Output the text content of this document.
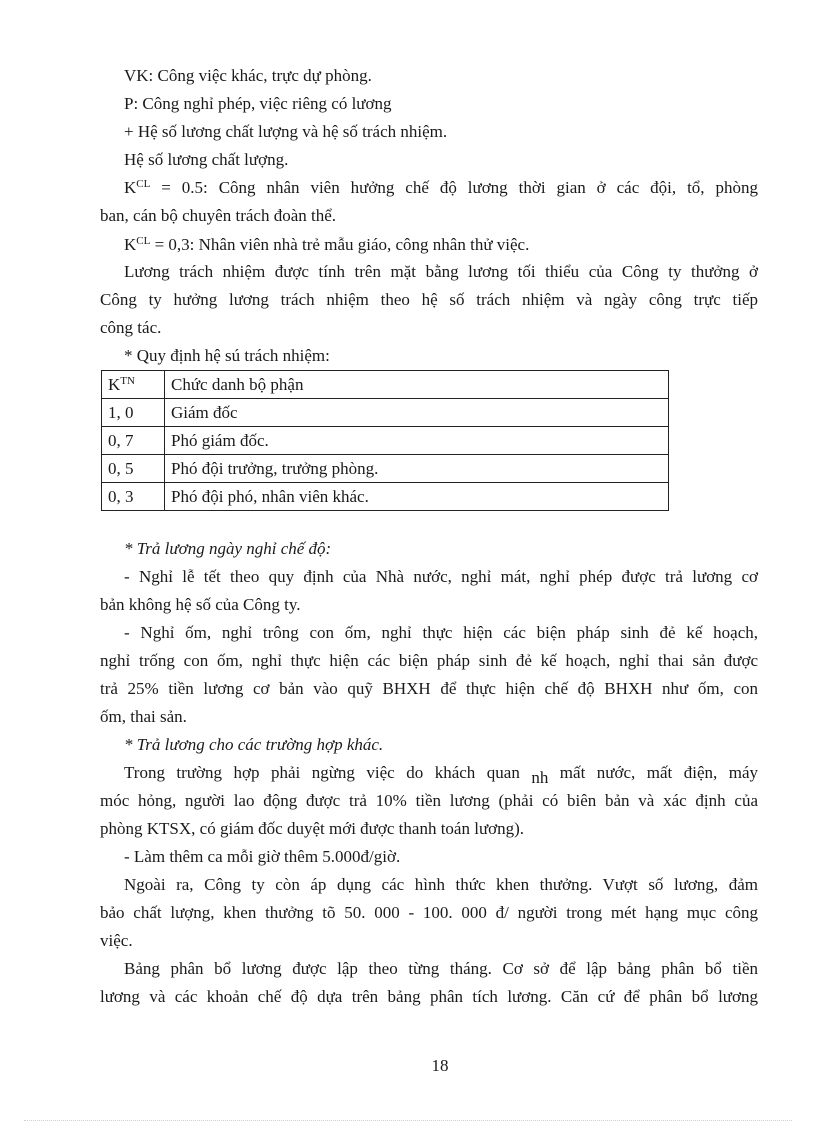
VK: Công việc khác, trực dự phòng.

P: Công nghỉ phép, việc riêng có lương

+ Hệ số lương chất lượng và hệ số trách nhiệm.

Hệ số lương chất lượng.

$K^{CL} = 0.5$: Công nhân viên hưởng chế độ lương thời gian ở các đội, tổ, phòng

ban, cán bộ chuyên trách đoàn thể.

$K^{CL} = 0,3$: Nhân viên nhà trẻ mẫu giáo, công nhân thử việc.

Lương trách nhiệm được tính trên mặt bằng lương tối thiểu của Công ty thưởng ở

Công ty hưởng lương trách nhiệm theo hệ số trách nhiệm và ngày công trực tiếp

công tác.

* Quy định hệ sú trách nhiệm:

$K^{TN}$	Chức danh bộ phận
1, 0	Giám đốc
0, 7	Phó giám đốc.
0, 5	Phó đội trưởng, trưởng phòng.
0, 3	Phó đội phó, nhân viên khác.

* Trả lương ngày nghỉ chế độ:

- Nghỉ lễ tết theo quy định của Nhà nước, nghỉ mát, nghỉ phép được trả lương cơ

bản không hệ số của Công ty.

- Nghỉ ốm, nghỉ trông con ốm, nghỉ thực hiện các biện pháp sinh đẻ kế hoạch,

nghỉ trống con ốm, nghỉ thực hiện các biện pháp sinh đẻ kế hoạch, nghỉ thai sản được

trả 25% tiền lương cơ bản vào quỹ BHXH để thực hiện chế độ BHXH như ốm, con

ốm, thai sản.

* Trả lương cho các trường hợp khác.

Trong trường hợp phải ngừng việc do khách quan nh mất nước, mất điện, máy

móc hỏng, người lao động được trả 10% tiền lương (phải có biên bản và xác định của

phòng KTSX, có giám đốc duyệt mới được thanh toán lương).

- Làm thêm ca mỗi giờ thêm 5.000đ/giờ.

Ngoài ra, Công ty còn áp dụng các hình thức khen thưởng. Vượt số lương, đảm

bảo chất lượng, khen thưởng tõ 50. 000 - 100. 000 đ/ người trong mét hạng mục công

việc.

Bảng phân bổ lương được lập theo từng tháng. Cơ sở để lập bảng phân bổ tiền

lương và các khoản chế độ dựa trên bảng phân tích lương. Căn cứ để phân bổ lương

18
